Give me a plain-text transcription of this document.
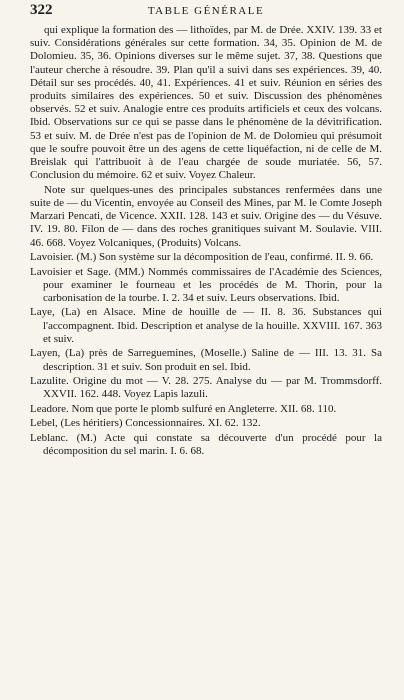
322	TABLE GÉNÉRALE

qui explique la formation des — lithoïdes, par M. de Drée. XXIV. 139. 33 et suiv. Considérations générales sur cette formation. 34, 35. Opinion de M. de Dolomieu. 35, 36. Opinions diverses sur le même sujet. 37, 38. Questions que l'auteur cherche à résoudre. 39. Plan qu'il a suivi dans ses expériences. 39, 40. Détail sur ses procédés. 40, 41. Expériences. 41 et suiv. Réunion en séries des produits similaires des expériences. 50 et suiv. Discussion des phénomènes observés. 52 et suiv. Analogie entre ces produits artificiels et ceux des volcans. Ibid. Observations sur ce qui se passe dans le phénomène de la dévitrification. 53 et suiv. M. de Drée n'est pas de l'opinion de M. de Dolomieu qui présumoit que le soufre pouvoit être un des agens de cette liquéfaction, ni de celle de M. Breislak qui l'attribuoit à de l'eau chargée de soude muriatée. 56, 57. Conclusion du mémoire. 62 et suiv. Voyez Chaleur.

Note sur quelques-unes des principales substances renfermées dans une suite de — du Vicentin, envoyée au Conseil des Mines, par M. le Comte Joseph Marzari Pencati, de Vicence. XXII. 128. 143 et suiv. Origine des — du Vésuve. IV. 19. 80. Filon de — dans des roches granitiques suivant M. Soulavie. VIII. 46. 668. Voyez Volcaniques, (Produits) Volcans.

Lavoisier. (M.) Son système sur la décomposition de l'eau, confirmé. II. 9. 66.

Lavoisier et Sage. (MM.) Nommés commissaires de l'Académie des Sciences, pour examiner le fourneau et les procédés de M. Thorin, pour la carbonisation de la tourbe. I. 2. 34 et suiv. Leurs observations. Ibid.

Laye, (La) en Alsace. Mine de houille de — II. 8. 36. Substances qui l'accompagnent. Ibid. Description et analyse de la houille. XXVIII. 167. 363 et suiv.

Layen, (La) près de Sarreguemines, (Moselle.) Saline de — III. 13. 31. Sa description. 31 et suiv. Son produit en sel. Ibid.

Lazulite. Origine du mot — V. 28. 275. Analyse du — par M. Trommsdorff. XXVII. 162. 448. Voyez Lapis lazuli.

Leadore. Nom que porte le plomb sulfuré en Angleterre. XII. 68. 110.

Lebel, (Les héritiers) Concessionnaires. XI. 62. 132.

Leblanc. (M.) Acte qui constate sa découverte d'un procédé pour la décomposition du sel marin. I. 6. 68.
